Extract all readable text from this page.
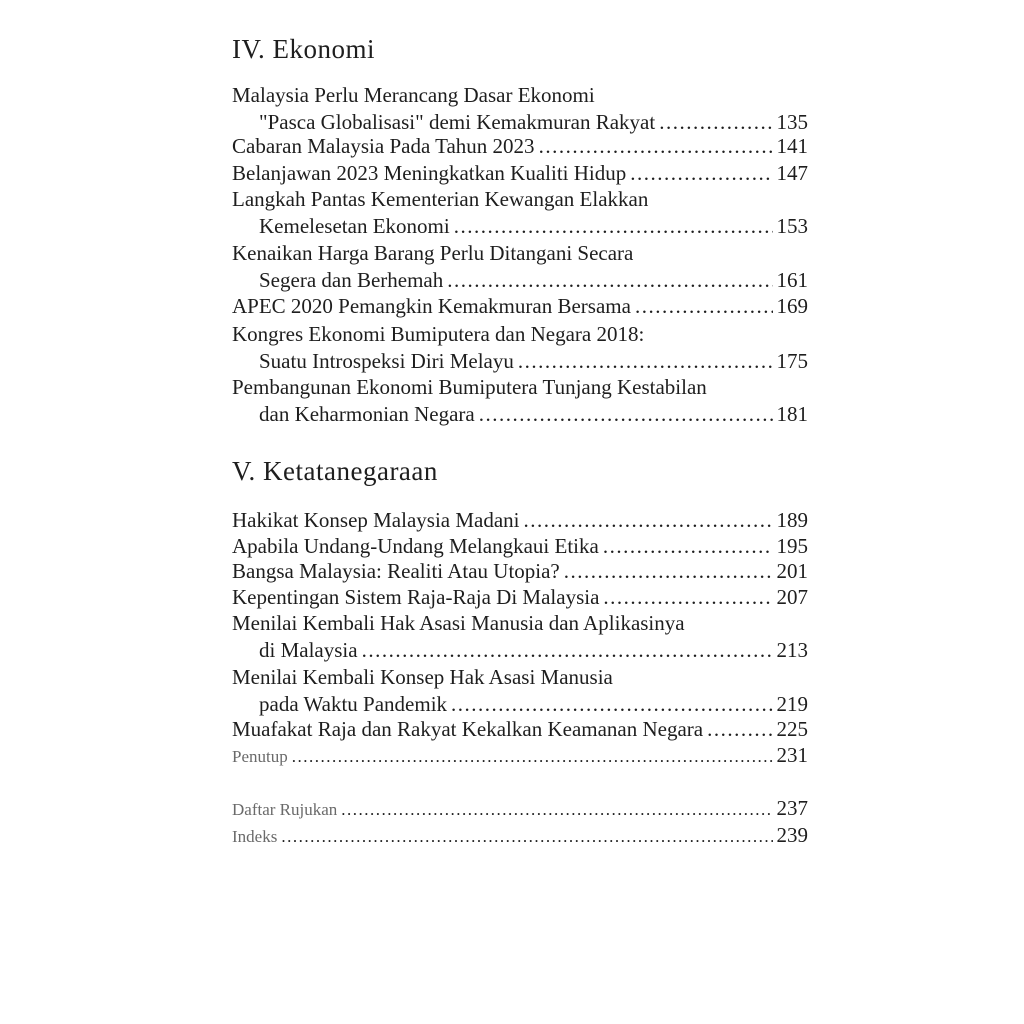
IV. Ekonomi
Malaysia Perlu Merancang Dasar Ekonomi
"Pasca Globalisasi" demi Kemakmuran Rakyat .....	135
Cabaran Malaysia Pada Tahun 2023 .....	141
Belanjawan 2023 Meningkatkan Kualiti Hidup .....	147
Langkah Pantas Kementerian Kewangan Elakkan
Kemelesetan Ekonomi .....	153
Kenaikan Harga Barang Perlu Ditangani Secara
Segera dan Berhemah .....	161
APEC 2020 Pemangkin Kemakmuran Bersama .....	169
Kongres Ekonomi Bumiputera dan Negara 2018:
Suatu Introspeksi Diri Melayu .....	175
Pembangunan Ekonomi Bumiputera Tunjang Kestabilan
dan Keharmonian Negara .....	181
V. Ketatanegaraan
Hakikat Konsep Malaysia Madani .....	189
Apabila Undang-Undang Melangkaui Etika .....	195
Bangsa Malaysia: Realiti Atau Utopia? .....	201
Kepentingan Sistem Raja-Raja Di Malaysia .....	207
Menilai Kembali Hak Asasi Manusia dan Aplikasinya
di Malaysia .....	213
Menilai Kembali Konsep Hak Asasi Manusia
pada Waktu Pandemik .....	219
Muafakat Raja dan Rakyat Kekalkan Keamanan Negara .....	225
Penutup .....	231
Daftar Rujukan .....	237
Indeks .....	239
